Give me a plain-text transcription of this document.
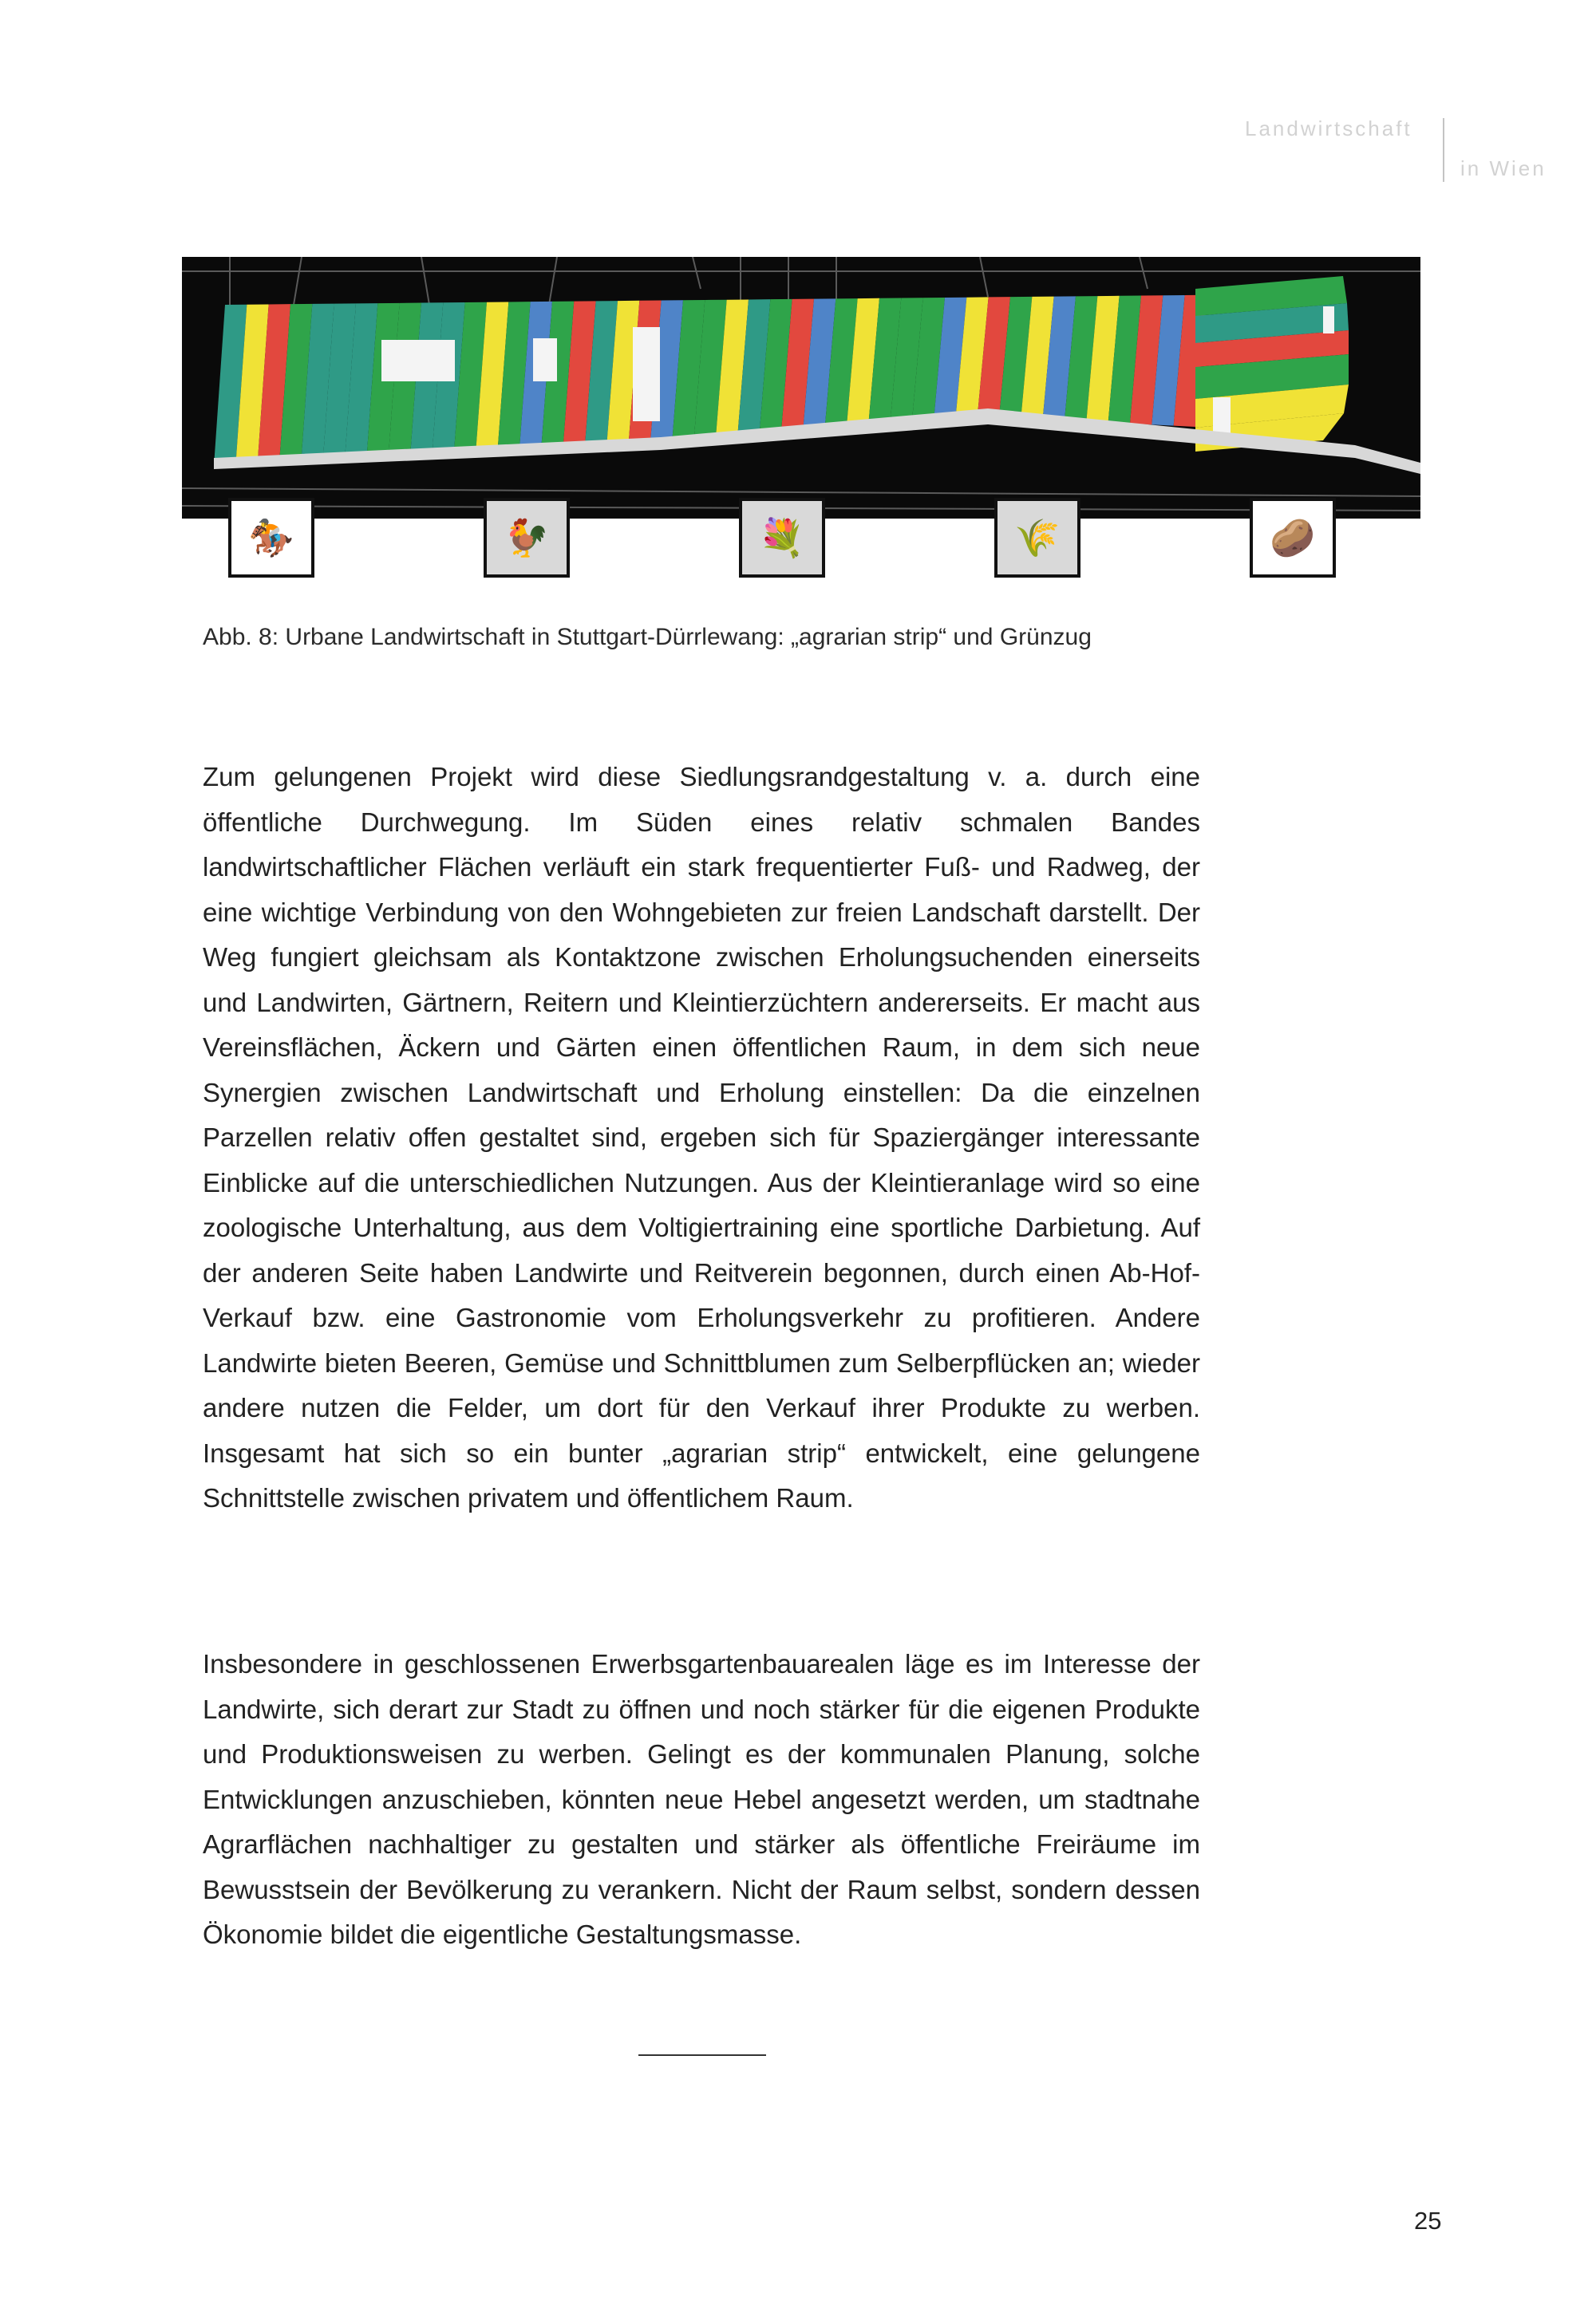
Landwirtschaft
in Wien
🏇	🐓	💐	🌾	🥔
Abb. 8: Urbane Landwirtschaft in Stuttgart-Dürrlewang: „agrarian strip“ und Grünzug

Zum gelungenen Projekt wird diese Siedlungsrandgestaltung v. a. durch eine öffentliche Durchwegung. Im Süden eines relativ schmalen Bandes landwirtschaftlicher Flächen verläuft ein stark frequentierter Fuß- und Radweg, der eine wichtige Verbindung von den Wohngebieten zur freien Landschaft darstellt. Der Weg fungiert gleichsam als Kontaktzone zwischen Erholungsuchenden einerseits und Landwirten, Gärtnern, Reitern und Kleintierzüchtern andererseits. Er macht aus Vereinsflächen, Äckern und Gärten einen öffentlichen Raum, in dem sich neue Synergien zwischen Landwirtschaft und Erholung einstellen: Da die einzelnen Parzellen relativ offen gestaltet sind, ergeben sich für Spaziergänger interessante Einblicke auf die unterschiedlichen Nutzungen. Aus der Kleintieranlage wird so eine zoologische Unterhaltung, aus dem Voltigiertraining eine sportliche Darbietung. Auf der anderen Seite haben Landwirte und Reitverein begonnen, durch einen Ab-Hof-Verkauf bzw. eine Gastronomie vom Erholungsverkehr zu profitieren. Andere Landwirte bieten Beeren, Gemüse und Schnittblumen zum Selberpflücken an; wieder andere nutzen die Felder, um dort für den Verkauf ihrer Produkte zu werben. Insgesamt hat sich so ein bunter „agrarian strip“ entwickelt, eine gelungene Schnittstelle zwischen privatem und öffentlichem Raum.

Insbesondere in geschlossenen Erwerbsgartenbauarealen läge es im Interesse der Landwirte, sich derart zur Stadt zu öffnen und noch stärker für die eigenen Produkte und Produktionsweisen zu werben. Gelingt es der kommunalen Planung, solche Entwicklungen anzuschieben, könnten neue Hebel angesetzt werden, um stadtnahe Agrarflächen nachhaltiger zu gestalten und stärker als öffentliche Freiräume im Bewusstsein der Bevölkerung zu verankern. Nicht der Raum selbst, sondern dessen Ökonomie bildet die eigentliche Gestaltungsmasse.

25
